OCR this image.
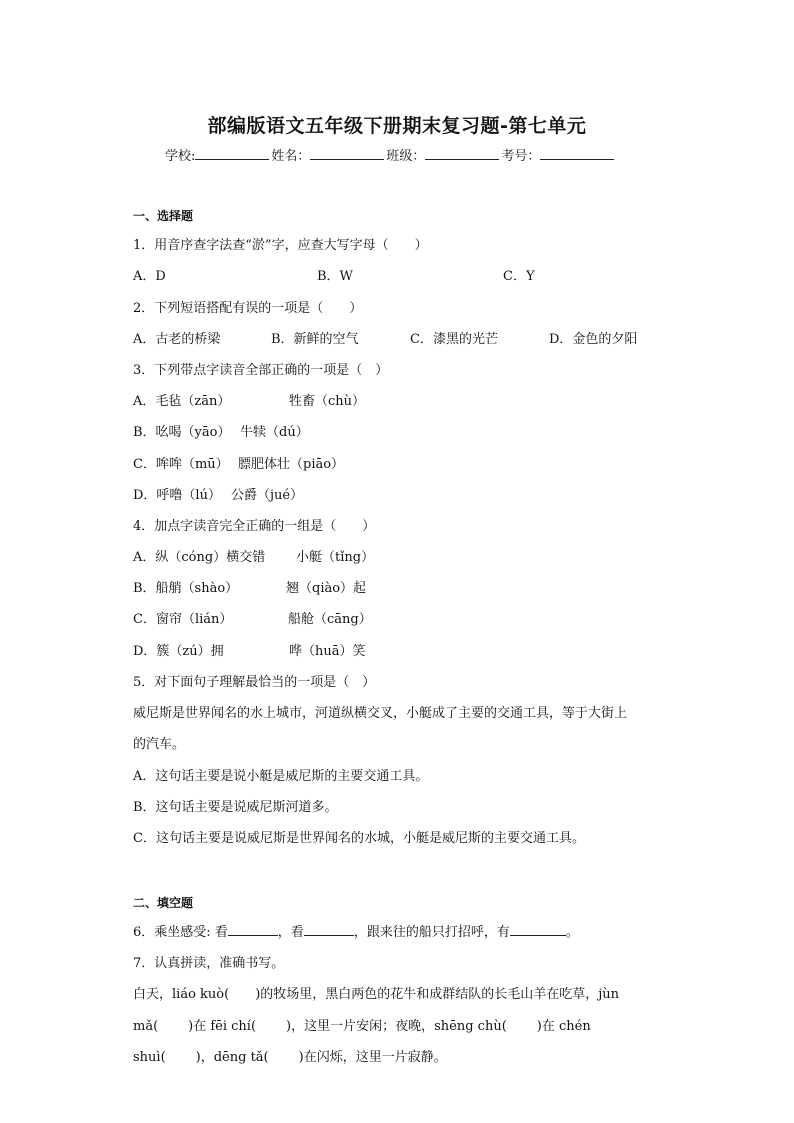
部编版语文五年级下册期末复习题-第七单元
学校:	姓名：	班级：	考号：
一、选择题
1．用音序查字法查“淤”字，应查大写字母（　　）
A．D	B．W	C．Y
2．下列短语搭配有误的一项是（　　）
A．古老的桥梁	B．新鲜的空气	C．漆黑的光芒	D．金色的夕阳
3．下列带点字读音全部正确的一项是（　）
A．毛毡（zān）	牲畜（chù）
B．吆喝（yāo） 牛犊（dú）
C．哞哞（mū） 膘肥体壮（piāo）
D．呼噜（lú） 公爵（jué）
4．加点字读音完全正确的一组是（　　）
A．纵（cóng）横交错 小艇（tǐng）
B．船艄（shào）	翘（qiào）起
C．窗帘（lián）	船舱（cāng）
D．簇（zú）拥	哗（huā）笑
5．对下面句子理解最恰当的一项是（　）
威尼斯是世界闻名的水上城市，河道纵横交叉，小艇成了主要的交通工具，等于大街上
的汽车。
A．这句话主要是说小艇是威尼斯的主要交通工具。
B．这句话主要是说威尼斯河道多。
C．这句话主要是说威尼斯是世界闻名的水城，小艇是威尼斯的主要交通工具。
二、填空题
6．乘坐感受: 看	，看	，跟来往的船只打招呼，有	。
7．认真拼读，准确书写。
白天，liáo kuò( )的牧场里，黑白两色的花牛和成群结队的长毛山羊在吃草，jùn
mǎ( )在 fēi chí( )，这里一片安闲；夜晚，shēng chù( )在 chén
shuì( )，dēng tǎ( )在闪烁，这里一片寂静。
